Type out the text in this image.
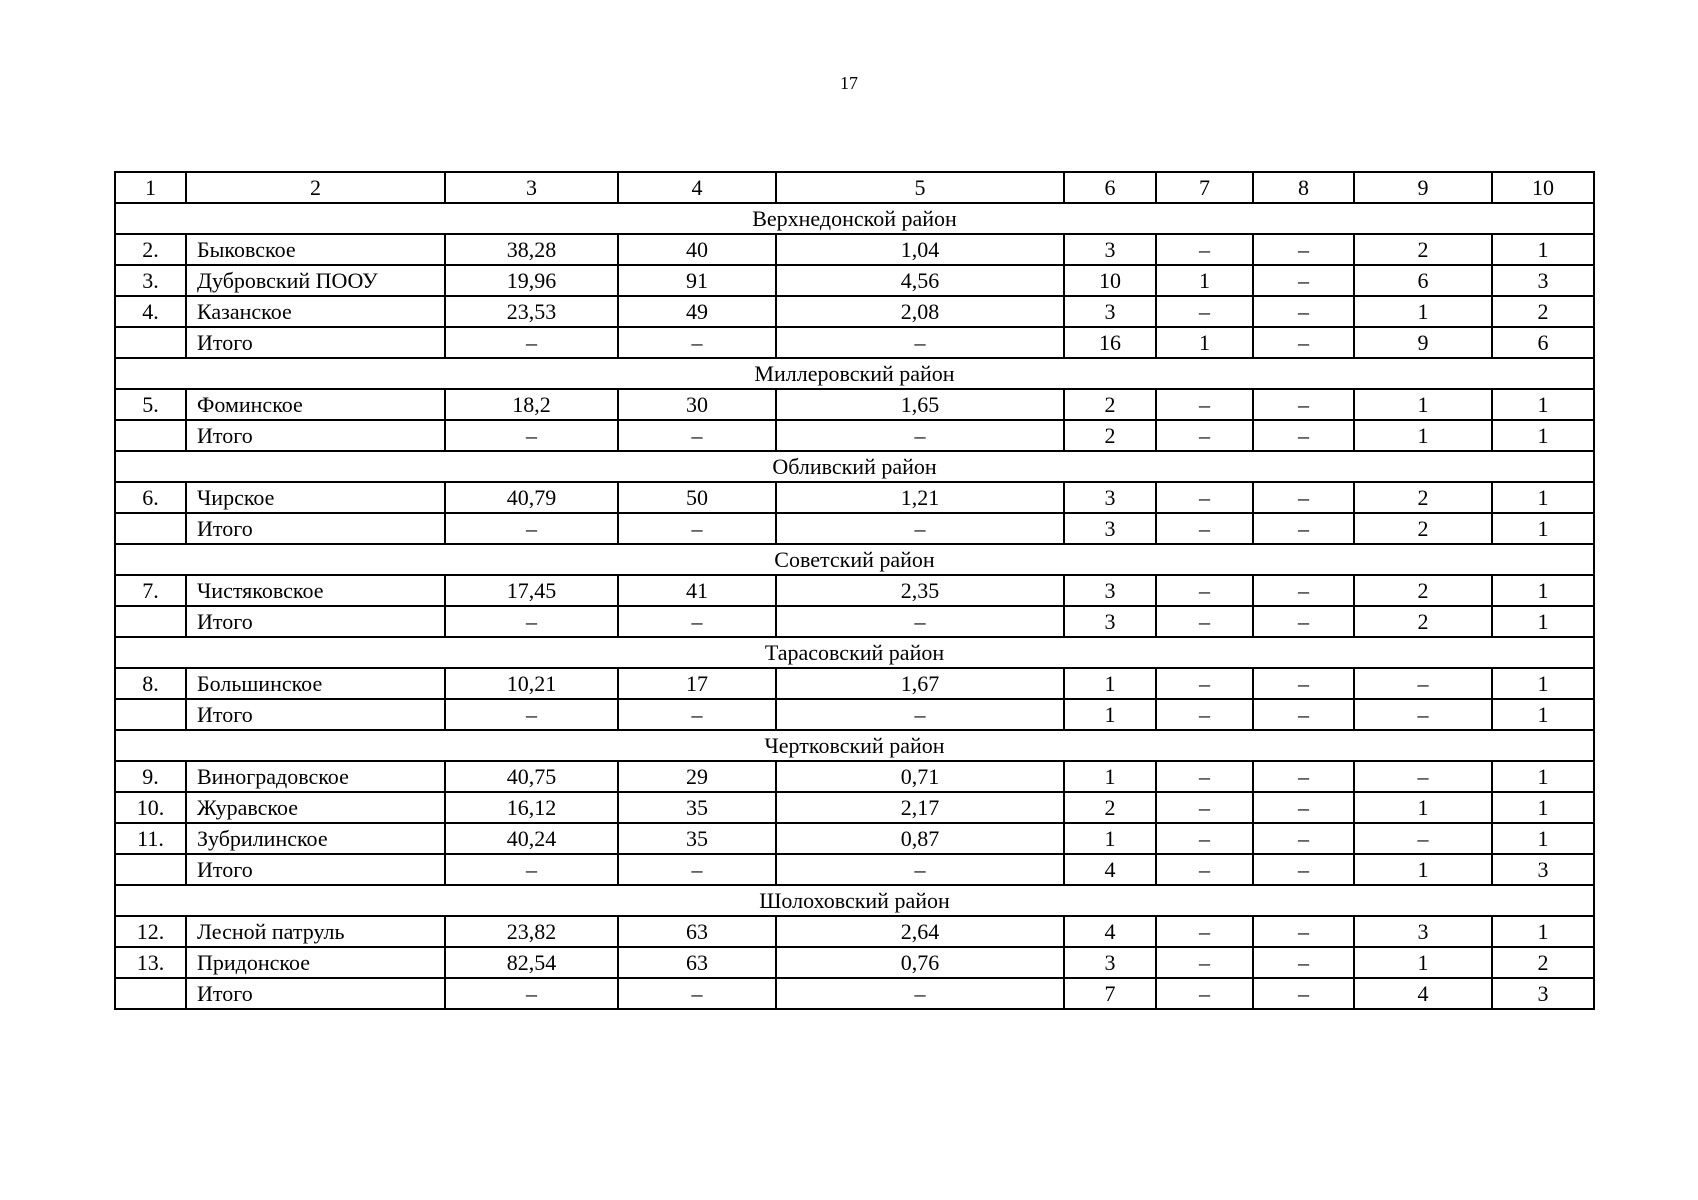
17
1	2	3	4	5	6	7	8	9	10
Верхнедонской район									
2.	Быковское	38,28	40	1,04	3	–	–	2	1
3.	Дубровский ПООУ	19,96	91	4,56	10	1	–	6	3
4.	Казанское	23,53	49	2,08	3	–	–	1	2
	Итого	–	–	–	16	1	–	9	6
Миллеровский район									
5.	Фоминское	18,2	30	1,65	2	–	–	1	1
	Итого	–	–	–	2	–	–	1	1
Обливский район									
6.	Чирское	40,79	50	1,21	3	–	–	2	1
	Итого	–	–	–	3	–	–	2	1
Советский район									
7.	Чистяковское	17,45	41	2,35	3	–	–	2	1
	Итого	–	–	–	3	–	–	2	1
Тарасовский район									
8.	Большинское	10,21	17	1,67	1	–	–	–	1
	Итого	–	–	–	1	–	–	–	1
Чертковский район									
9.	Виноградовское	40,75	29	0,71	1	–	–	–	1
10.	Журавское	16,12	35	2,17	2	–	–	1	1
11.	Зубрилинское	40,24	35	0,87	1	–	–	–	1
	Итого	–	–	–	4	–	–	1	3
Шолоховский район									
12.	Лесной патруль	23,82	63	2,64	4	–	–	3	1
13.	Придонское	82,54	63	0,76	3	–	–	1	2
	Итого	–	–	–	7	–	–	4	3
